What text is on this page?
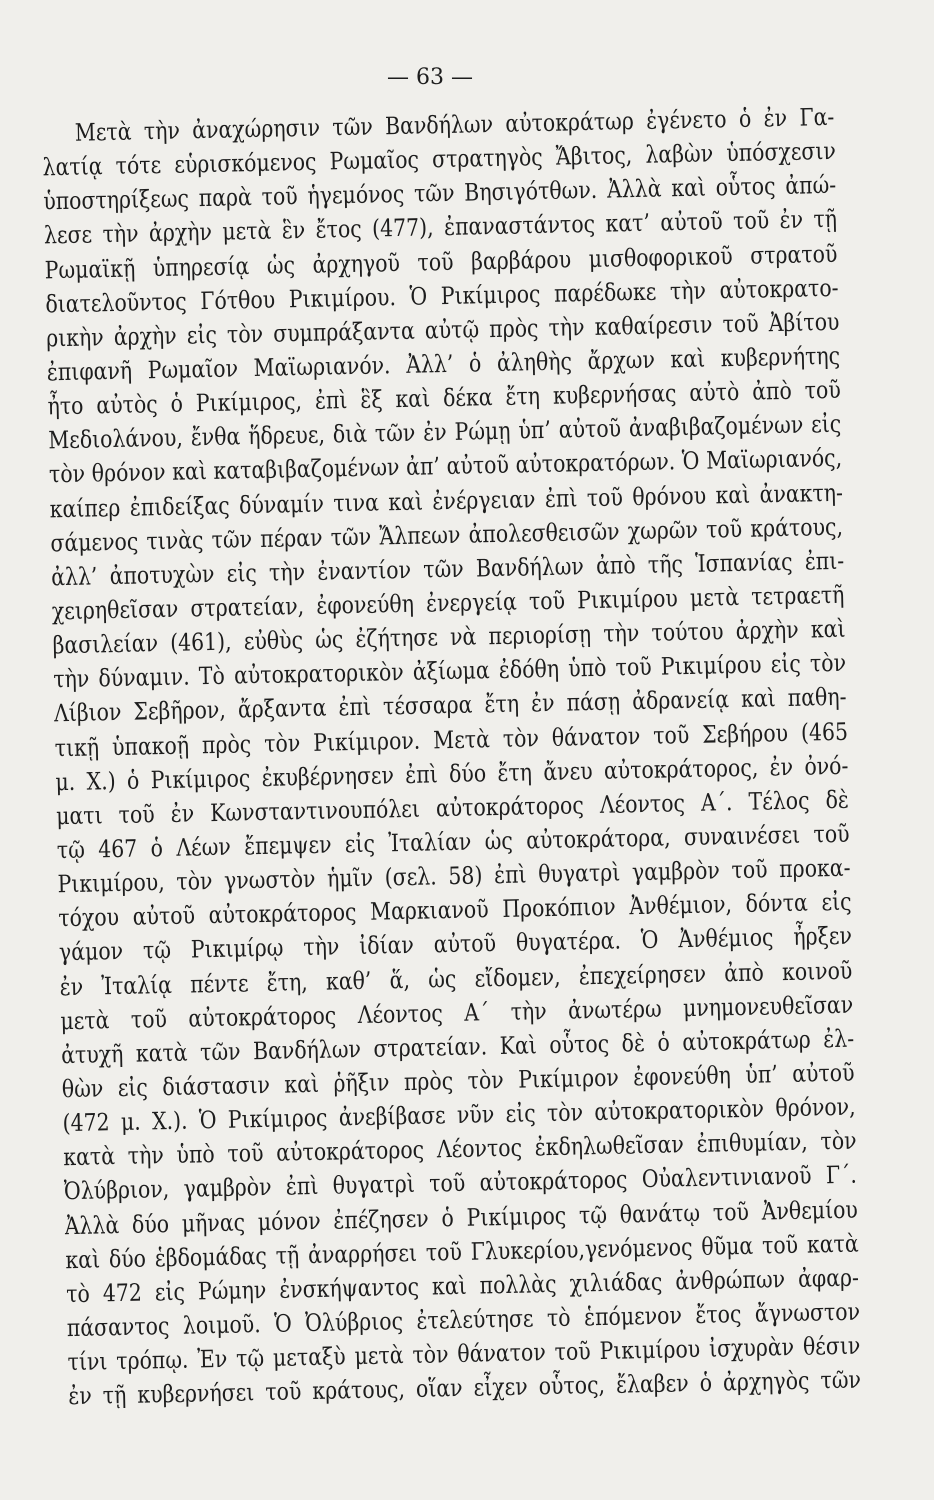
— 63 —
Μετὰ τὴν ἀναχώρησιν τῶν Βανδήλων αὐτοκράτωρ ἐγένετο ὁ ἐν Γα-
λατίᾳ τότε εὑρισκόμενος Ρωμαῖος στρατηγὸς Ἄβιτος, λαβὼν ὑπόσχεσιν
ὑποστηρίξεως παρὰ τοῦ ἡγεμόνος τῶν Βησιγότθων. Ἀλλὰ καὶ οὗτος ἀπώ-
λεσε τὴν ἀρχὴν μετὰ ἓν ἔτος (477), ἐπαναστάντος κατ’ αὐτοῦ τοῦ ἐν τῇ
Ρωμαϊκῇ ὑπηρεσίᾳ ὡς ἀρχηγοῦ τοῦ βαρβάρου μισθοφορικοῦ στρατοῦ
διατελοῦντος Γότθου Ρικιμίρου. Ὁ Ρικίμιρος παρέδωκε τὴν αὐτοκρατο-
ρικὴν ἀρχὴν εἰς τὸν συμπράξαντα αὐτῷ πρὸς τὴν καθαίρεσιν τοῦ Ἀβίτου
ἐπιφανῆ Ρωμαῖον Μαϊωριανόν. Ἀλλ’ ὁ ἀληθὴς ἄρχων καὶ κυβερνήτης
ἦτο αὐτὸς ὁ Ρικίμιρος, ἐπὶ ἓξ καὶ δέκα ἔτη κυβερνήσας αὐτὸ ἀπὸ τοῦ
Μεδιολάνου, ἔνθα ἥδρευε, διὰ τῶν ἐν Ρώμῃ ὑπ’ αὐτοῦ ἀναβιβαζομένων εἰς
τὸν θρόνον καὶ καταβιβαζομένων ἀπ’ αὐτοῦ αὐτοκρατόρων. Ὁ Μαϊωριανός,
καίπερ ἐπιδείξας δύναμίν τινα καὶ ἐνέργειαν ἐπὶ τοῦ θρόνου καὶ ἀνακτη-
σάμενος τινὰς τῶν πέραν τῶν Ἄλπεων ἀπολεσθεισῶν χωρῶν τοῦ κράτους,
ἀλλ’ ἀποτυχὼν εἰς τὴν ἐναντίον τῶν Βανδήλων ἀπὸ τῆς Ἱσπανίας ἐπι-
χειρηθεῖσαν στρατείαν, ἐφονεύθη ἐνεργείᾳ τοῦ Ρικιμίρου μετὰ τετραετῆ
βασιλείαν (461), εὐθὺς ὡς ἐζήτησε νὰ περιορίσῃ τὴν τούτου ἀρχὴν καὶ
τὴν δύναμιν. Τὸ αὐτοκρατορικὸν ἀξίωμα ἐδόθη ὑπὸ τοῦ Ρικιμίρου εἰς τὸν
Λίβιον Σεβῆρον, ἄρξαντα ἐπὶ τέσσαρα ἔτη ἐν πάσῃ ἀδρανείᾳ καὶ παθη-
τικῇ ὑπακοῇ πρὸς τὸν Ρικίμιρον. Μετὰ τὸν θάνατον τοῦ Σεβήρου (465
μ. Χ.) ὁ Ρικίμιρος ἐκυβέρνησεν ἐπὶ δύο ἔτη ἄνευ αὐτοκράτορος, ἐν ὀνό-
ματι τοῦ ἐν Κωνσταντινουπόλει αὐτοκράτορος Λέοντος Α΄. Τέλος δὲ
τῷ 467 ὁ Λέων ἔπεμψεν εἰς Ἰταλίαν ὡς αὐτοκράτορα, συναινέσει τοῦ
Ρικιμίρου, τὸν γνωστὸν ἡμῖν (σελ. 58) ἐπὶ θυγατρὶ γαμβρὸν τοῦ προκα-
τόχου αὐτοῦ αὐτοκράτορος Μαρκιανοῦ Προκόπιον Ἀνθέμιον, δόντα εἰς
γάμον τῷ Ρικιμίρῳ τὴν ἰδίαν αὐτοῦ θυγατέρα. Ὁ Ἀνθέμιος ἦρξεν
ἐν Ἰταλίᾳ πέντε ἔτη, καθ’ ἅ, ὡς εἴδομεν, ἐπεχείρησεν ἀπὸ κοινοῦ
μετὰ τοῦ αὐτοκράτορος Λέοντος Α΄ τὴν ἀνωτέρω μνημονευθεῖσαν
ἀτυχῆ κατὰ τῶν Βανδήλων στρατείαν. Καὶ οὗτος δὲ ὁ αὐτοκράτωρ ἐλ-
θὼν εἰς διάστασιν καὶ ῥῆξιν πρὸς τὸν Ρικίμιρον ἐφονεύθη ὑπ’ αὐτοῦ
(472 μ. Χ.). Ὁ Ρικίμιρος ἀνεβίβασε νῦν εἰς τὸν αὐτοκρατορικὸν θρόνον,
κατὰ τὴν ὑπὸ τοῦ αὐτοκράτορος Λέοντος ἐκδηλωθεῖσαν ἐπιθυμίαν, τὸν
Ὀλύβριον, γαμβρὸν ἐπὶ θυγατρὶ τοῦ αὐτοκράτορος Οὐαλεντινιανοῦ Γ΄.
Ἀλλὰ δύο μῆνας μόνον ἐπέζησεν ὁ Ρικίμιρος τῷ θανάτῳ τοῦ Ἀνθεμίου
καὶ δύο ἑβδομάδας τῇ ἀναρρήσει τοῦ Γλυκερίου,γενόμενος θῦμα τοῦ κατὰ
τὸ 472 εἰς Ρώμην ἐνσκήψαντος καὶ πολλὰς χιλιάδας ἀνθρώπων ἀφαρ-
πάσαντος λοιμοῦ. Ὁ Ὀλύβριος ἐτελεύτησε τὸ ἑπόμενον ἔτος ἄγνωστον
τίνι τρόπῳ. Ἐν τῷ μεταξὺ μετὰ τὸν θάνατον τοῦ Ρικιμίρου ἰσχυρὰν θέσιν
ἐν τῇ κυβερνήσει τοῦ κράτους, οἵαν εἶχεν οὗτος, ἔλαβεν ὁ ἀρχηγὸς τῶν
